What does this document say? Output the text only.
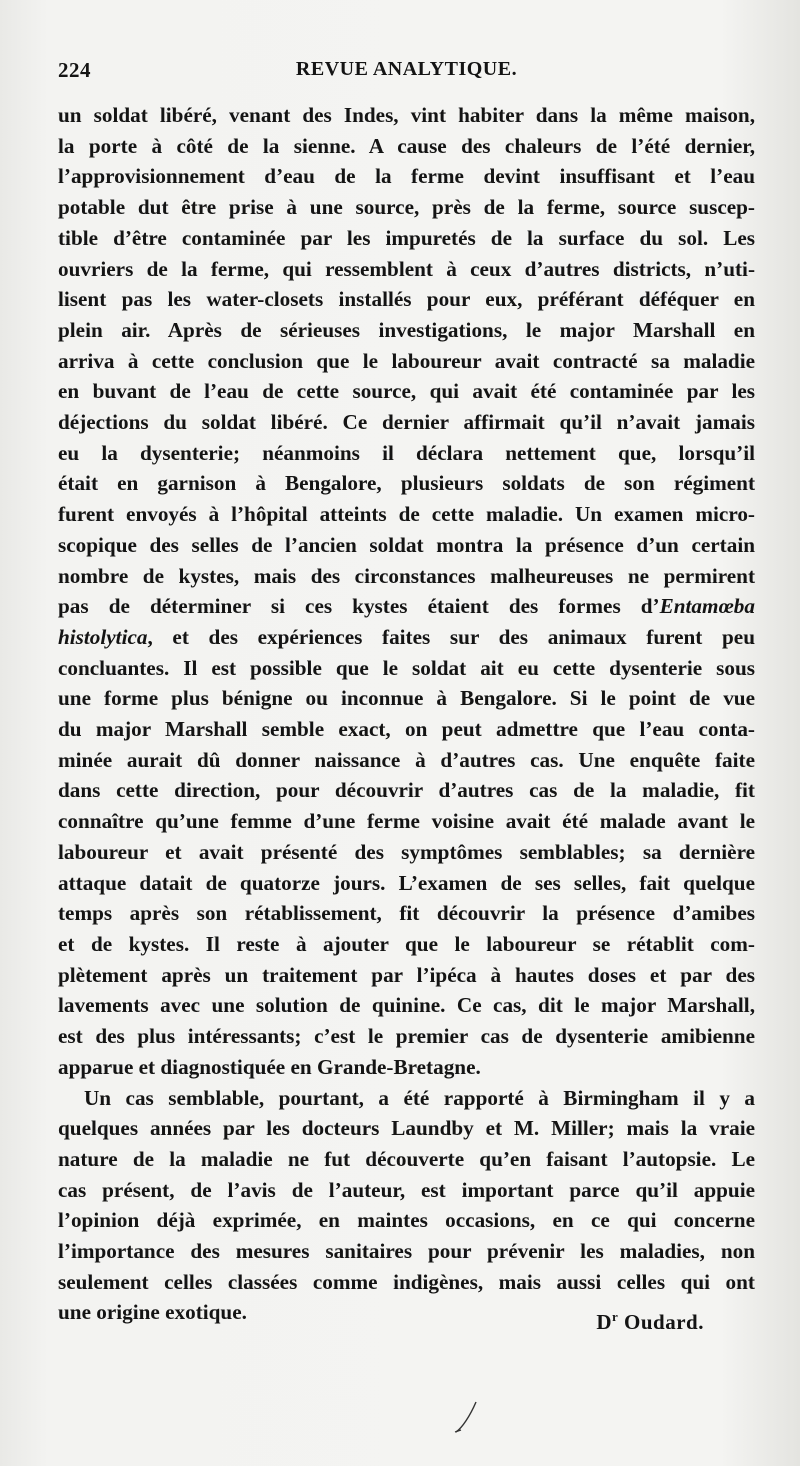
224	REVUE ANALYTIQUE.
un soldat libéré, venant des Indes, vint habiter dans la même maison,
la porte à côté de la sienne. A cause des chaleurs de l’été dernier,
l’approvisionnement d’eau de la ferme devint insuffisant et l’eau
potable dut être prise à une source, près de la ferme, source suscep-
tible d’être contaminée par les impuretés de la surface du sol. Les
ouvriers de la ferme, qui ressemblent à ceux d’autres districts, n’uti-
lisent pas les water-closets installés pour eux, préférant déféquer en
plein air. Après de sérieuses investigations, le major Marshall en
arriva à cette conclusion que le laboureur avait contracté sa maladie
en buvant de l’eau de cette source, qui avait été contaminée par les
déjections du soldat libéré. Ce dernier affirmait qu’il n’avait jamais
eu la dysenterie; néanmoins il déclara nettement que, lorsqu’il
était en garnison à Bengalore, plusieurs soldats de son régiment
furent envoyés à l’hôpital atteints de cette maladie. Un examen micro-
scopique des selles de l’ancien soldat montra la présence d’un certain
nombre de kystes, mais des circonstances malheureuses ne permirent
pas de déterminer si ces kystes étaient des formes d’Entamœba
histolytica, et des expériences faites sur des animaux furent peu
concluantes. Il est possible que le soldat ait eu cette dysenterie sous
une forme plus bénigne ou inconnue à Bengalore. Si le point de vue
du major Marshall semble exact, on peut admettre que l’eau conta-
minée aurait dû donner naissance à d’autres cas. Une enquête faite
dans cette direction, pour découvrir d’autres cas de la maladie, fit
connaître qu’une femme d’une ferme voisine avait été malade avant le
laboureur et avait présenté des symptômes semblables; sa dernière
attaque datait de quatorze jours. L’examen de ses selles, fait quelque
temps après son rétablissement, fit découvrir la présence d’amibes
et de kystes. Il reste à ajouter que le laboureur se rétablit com-
plètement après un traitement par l’ipéca à hautes doses et par des
lavements avec une solution de quinine. Ce cas, dit le major Marshall,
est des plus intéressants; c’est le premier cas de dysenterie amibienne
apparue et diagnostiquée en Grande-Bretagne.
Un cas semblable, pourtant, a été rapporté à Birmingham il y a
quelques années par les docteurs Laundby et M. Miller; mais la vraie
nature de la maladie ne fut découverte qu’en faisant l’autopsie. Le
cas présent, de l’avis de l’auteur, est important parce qu’il appuie
l’opinion déjà exprimée, en maintes occasions, en ce qui concerne
l’importance des mesures sanitaires pour prévenir les maladies, non
seulement celles classées comme indigènes, mais aussi celles qui ont
une origine exotique.	$D^r$ Oudard.
